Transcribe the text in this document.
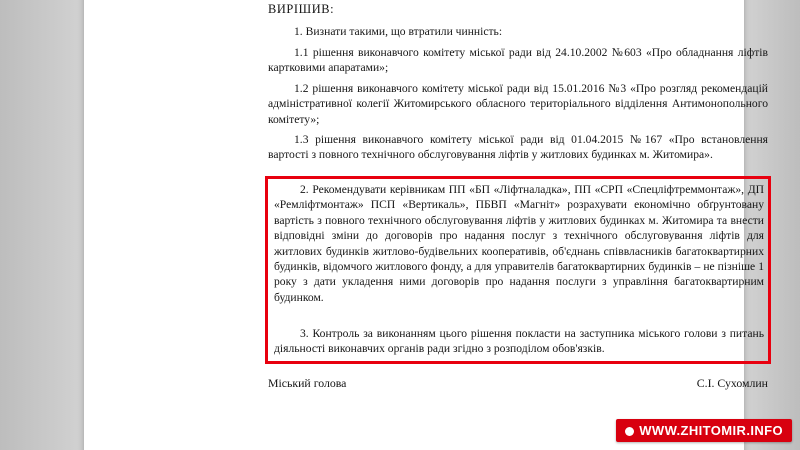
ВИРІШИВ:
1. Визнати такими, що втратили чинність:
1.1 рішення виконавчого комітету міської ради від 24.10.2002 №603 «Про обладнання ліфтів картковими апаратами»;
1.2 рішення виконавчого комітету міської ради від 15.01.2016 №3 «Про розгляд рекомендацій адміністративної колегії Житомирського обласного територіального відділення Антимонопольного комітету»;
1.3 рішення виконавчого комітету міської ради від 01.04.2015 №167 «Про встановлення вартості з повного технічного обслуговування ліфтів у житлових будинках м. Житомира».
2. Рекомендувати керівникам ПП «БП «Ліфтналадка», ПП «СРП «Спецліфтреммонтаж», ДП «Ремліфтмонтаж» ПСП «Вертикаль», ПБВП «Магніт» розрахувати економічно обґрунтовану вартість з повного технічного обслуговування ліфтів у житлових будинках м. Житомира та внести відповідні зміни до договорів про надання послуг з технічного обслуговування ліфтів для житлових будинків житлово-будівельних кооперативів, об'єднань співвласників багатоквартирних будинків, відомчого житлового фонду, а для управителів багатоквартирних будинків – не пізніше 1 року з дати укладення ними договорів про надання послуги з управління багатоквартирним будинком.
3. Контроль за виконанням цього рішення покласти на заступника міського голови з питань діяльності виконавчих органів ради згідно з розподілом обов'язків.
Міський голова	С.І. Сухомлин
WWW.ZHITOMIR.INFO
